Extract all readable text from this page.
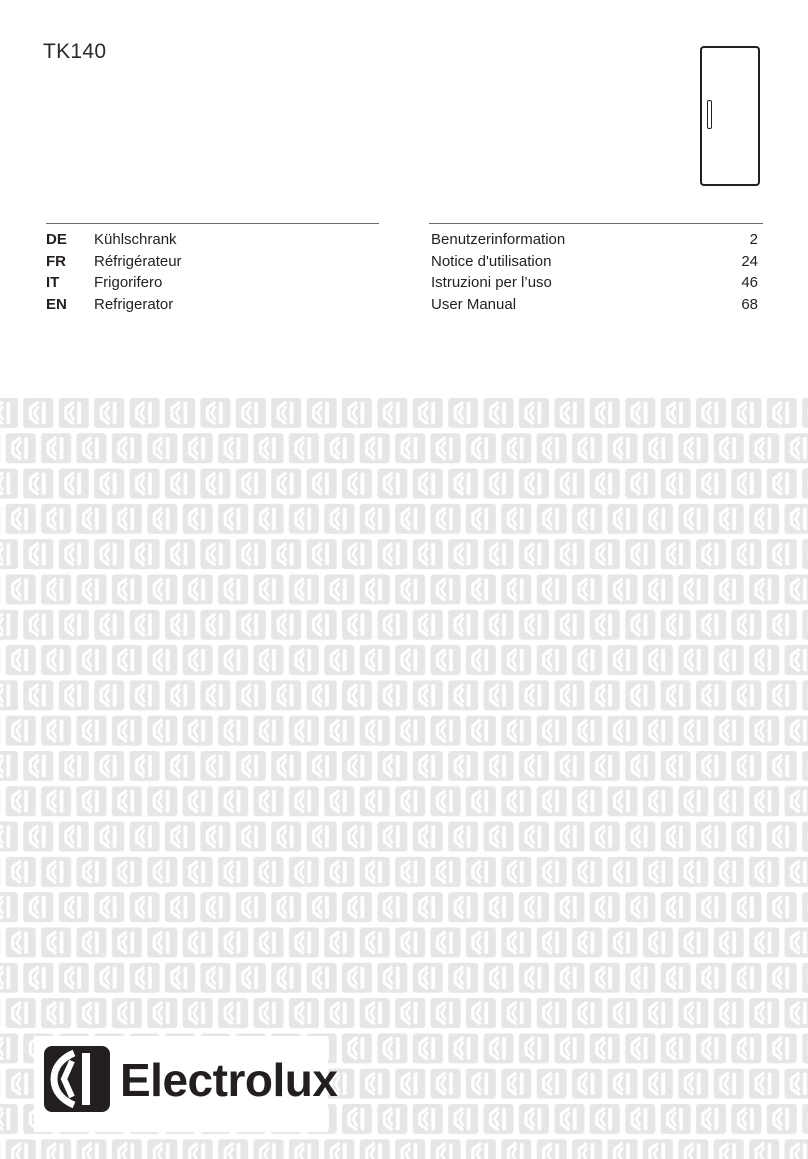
TK140
DE	Kühlschrank
FR	Réfrigérateur
IT	Frigorifero
EN	Refrigerator
Benutzerinformation	2
Notice d'utilisation	24
Istruzioni per l’uso	46
User Manual	68
Electrolux
